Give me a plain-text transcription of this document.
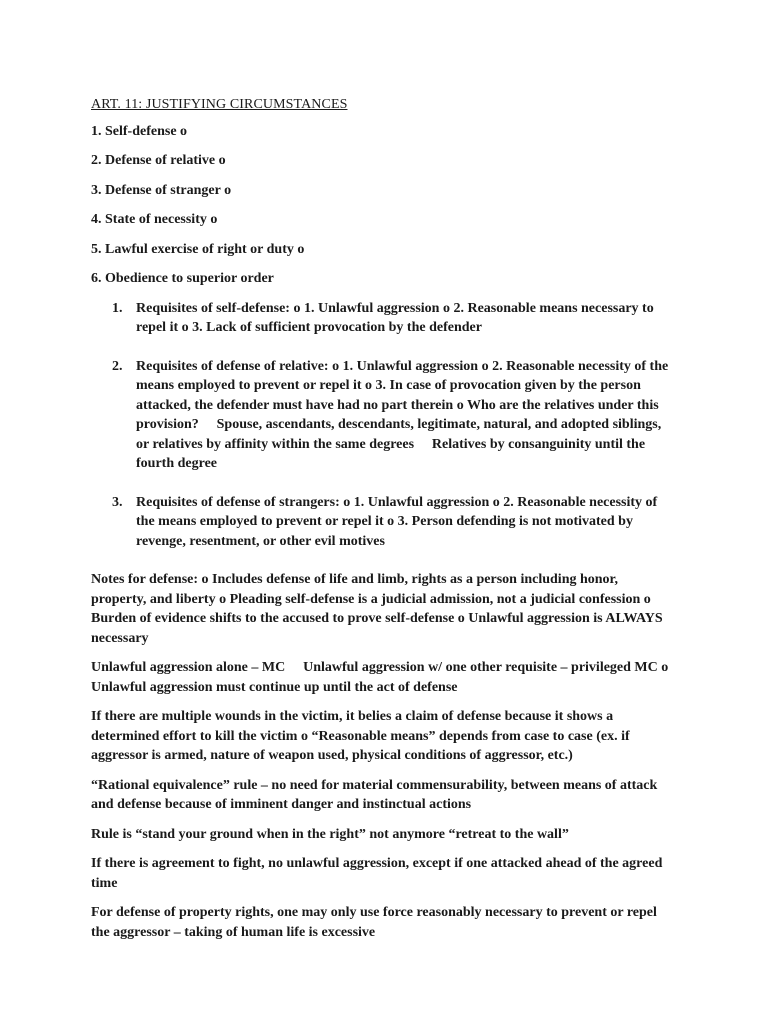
ART. 11: JUSTIFYING CIRCUMSTANCES

1. Self-defense o

2. Defense of relative o

3. Defense of stranger o

4. State of necessity o

5. Lawful exercise of right or duty o

6. Obedience to superior order

1. Requisites of self-defense: o 1. Unlawful aggression o 2. Reasonable means necessary to repel it o 3. Lack of sufficient provocation by the defender
2. Requisites of defense of relative: o 1. Unlawful aggression o 2. Reasonable necessity of the means employed to prevent or repel it o 3. In case of provocation given by the person attacked, the defender must have had no part therein o Who are the relatives under this provision? Spouse, ascendants, descendants, legitimate, natural, and adopted siblings, or relatives by affinity within the same degrees Relatives by consanguinity until the fourth degree
3. Requisites of defense of strangers: o 1. Unlawful aggression o 2. Reasonable necessity of the means employed to prevent or repel it o 3. Person defending is not motivated by revenge, resentment, or other evil motives

Notes for defense: o Includes defense of life and limb, rights as a person including honor, property, and liberty o Pleading self-defense is a judicial admission, not a judicial confession o Burden of evidence shifts to the accused to prove self-defense o Unlawful aggression is ALWAYS necessary

Unlawful aggression alone – MC Unlawful aggression w/ one other requisite – privileged MC o Unlawful aggression must continue up until the act of defense

If there are multiple wounds in the victim, it belies a claim of defense because it shows a determined effort to kill the victim o “Reasonable means” depends from case to case (ex. if aggressor is armed, nature of weapon used, physical conditions of aggressor, etc.)

“Rational equivalence” rule – no need for material commensurability, between means of attack and defense because of imminent danger and instinctual actions

Rule is “stand your ground when in the right” not anymore “retreat to the wall”

If there is agreement to fight, no unlawful aggression, except if one attacked ahead of the agreed time

For defense of property rights, one may only use force reasonably necessary to prevent or repel the aggressor – taking of human life is excessive
